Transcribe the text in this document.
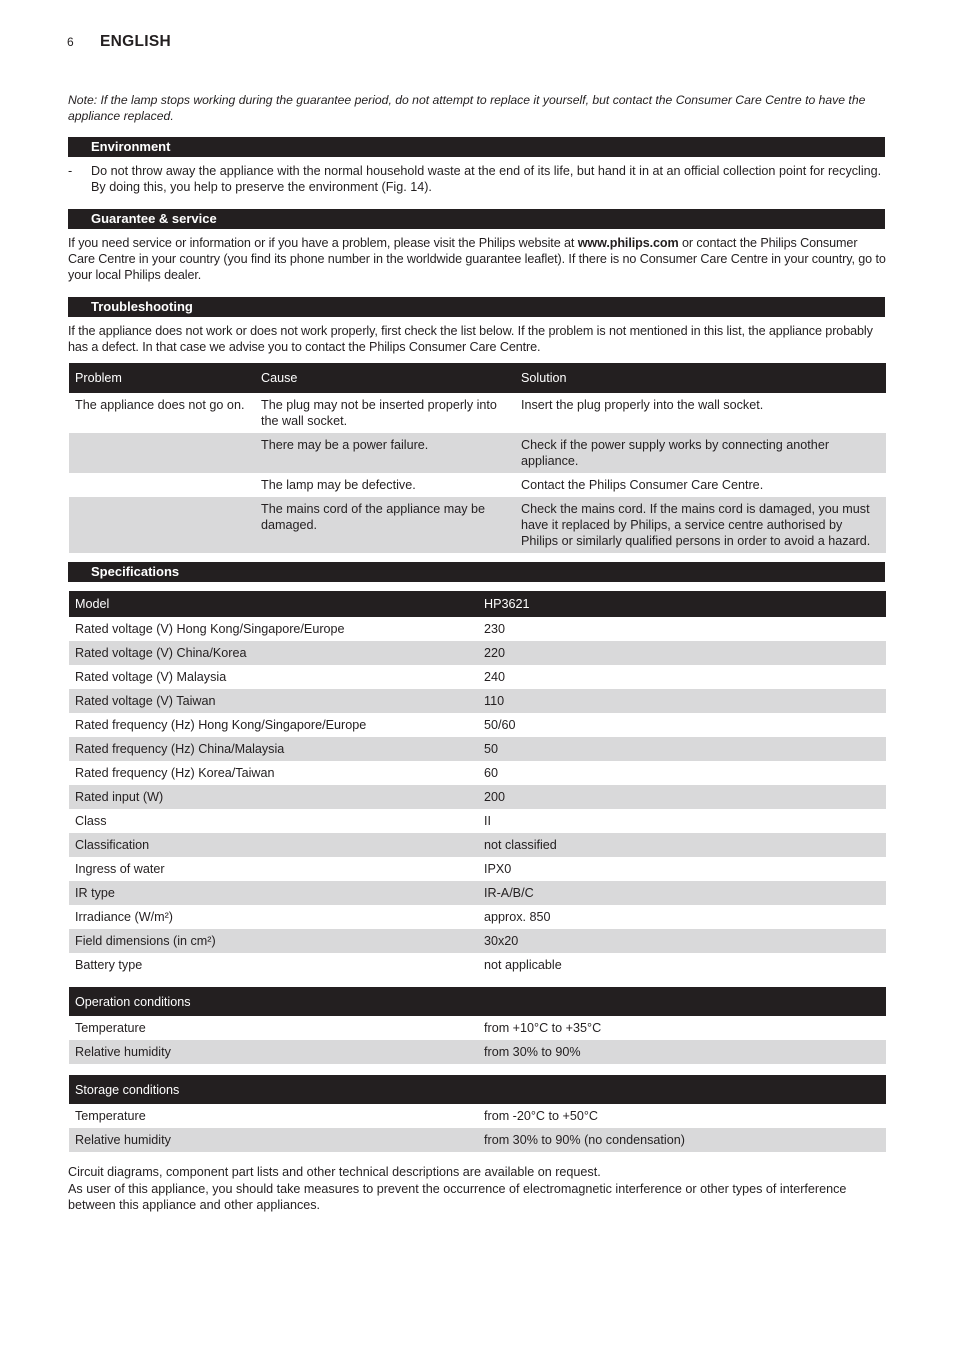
6 ENGLISH
Note: If the lamp stops working during the guarantee period, do not attempt to replace it yourself, but contact the Consumer Care Centre to have the appliance replaced.
Environment
- Do not throw away the appliance with the normal household waste at the end of its life, but hand it in at an official collection point for recycling. By doing this, you help to preserve the environment (Fig. 14).
Guarantee & service
If you need service or information or if you have a problem, please visit the Philips website at www.philips.com or contact the Philips Consumer Care Centre in your country (you find its phone number in the worldwide guarantee leaflet). If there is no Consumer Care Centre in your country, go to your local Philips dealer.
Troubleshooting
If the appliance does not work or does not work properly, first check the list below. If the problem is not mentioned in this list, the appliance probably has a defect. In that case we advise you to contact the Philips Consumer Care Centre.
Problem	Cause	Solution
The appliance does not go on.	The plug may not be inserted properly into the wall socket.	Insert the plug properly into the wall socket.
	There may be a power failure.	Check if the power supply works by connecting another appliance.
	The lamp may be defective.	Contact the Philips Consumer Care Centre.
	The mains cord of the appliance may be damaged.	Check the mains cord. If the mains cord is damaged, you must have it replaced by Philips, a service centre authorised by Philips or similarly qualified persons in order to avoid a hazard.
Specifications
Model	HP3621
Rated voltage (V) Hong Kong/Singapore/Europe	230
Rated voltage (V) China/Korea	220
Rated voltage (V) Malaysia	240
Rated voltage (V) Taiwan	110
Rated frequency (Hz) Hong Kong/Singapore/Europe	50/60
Rated frequency (Hz) China/Malaysia	50
Rated frequency (Hz) Korea/Taiwan	60
Rated input (W)	200
Class	II
Classification	not classified
Ingress of water	IPX0
IR type	IR-A/B/C
Irradiance (W/m²)	approx. 850
Field dimensions (in cm²)	30x20
Battery type	not applicable
Operation conditions	
Temperature	from +10°C to +35°C
Relative humidity	from 30% to 90%
Storage conditions	
Temperature	from -20°C to +50°C
Relative humidity	from 30% to 90% (no condensation)
Circuit diagrams, component part lists and other technical descriptions are available on request.
As user of this appliance, you should take measures to prevent the occurrence of electromagnetic interference or other types of interference between this appliance and other appliances.
